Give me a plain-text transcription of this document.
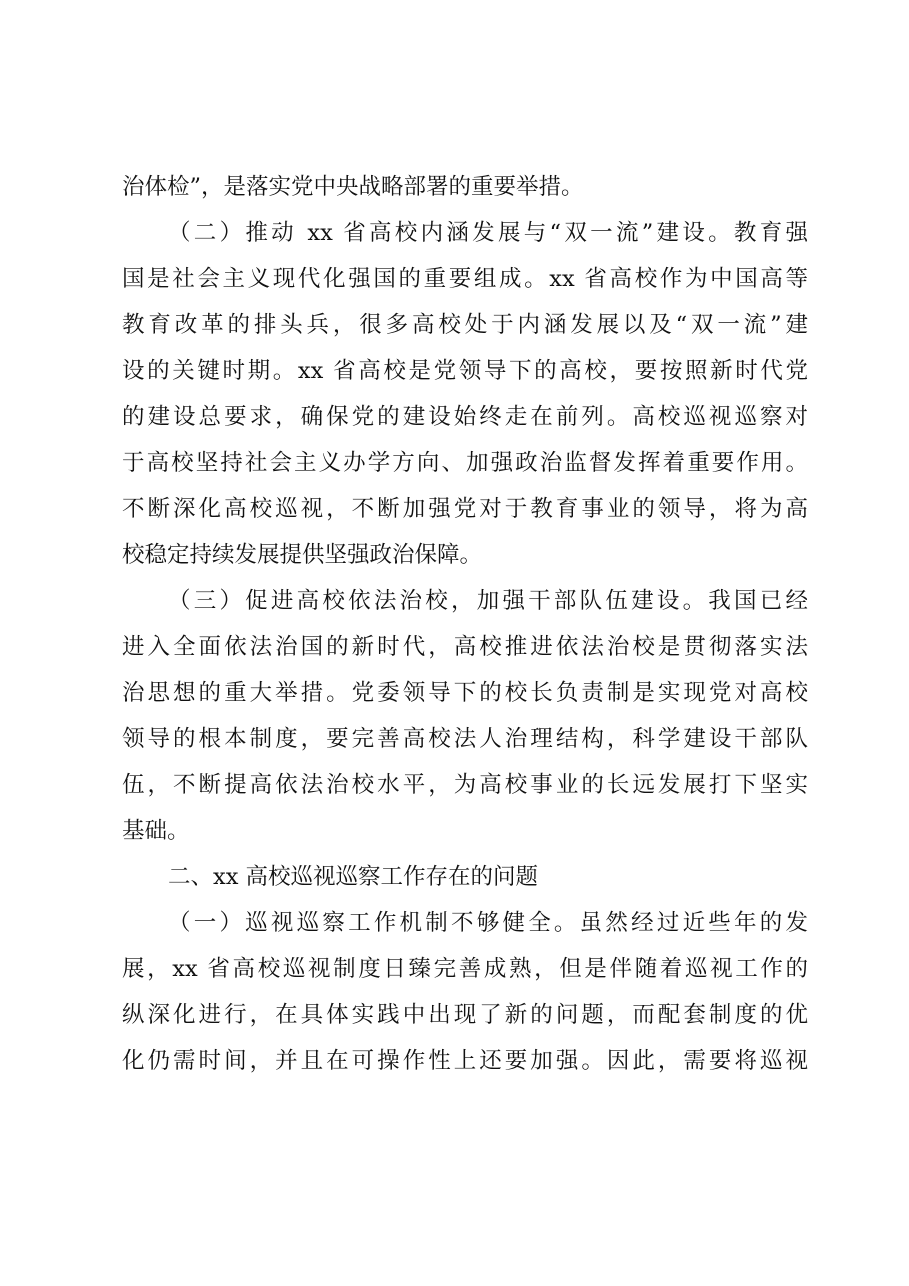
治体检”，是落实党中央战略部署的重要举措。
（二）推动 xx 省高校内涵发展与“双一流”建设。教育强
国是社会主义现代化强国的重要组成。xx 省高校作为中国高等
教育改革的排头兵，很多高校处于内涵发展以及“双一流”建
设的关键时期。xx 省高校是党领导下的高校，要按照新时代党
的建设总要求，确保党的建设始终走在前列。高校巡视巡察对
于高校坚持社会主义办学方向、加强政治监督发挥着重要作用。
不断深化高校巡视，不断加强党对于教育事业的领导，将为高
校稳定持续发展提供坚强政治保障。
（三）促进高校依法治校，加强干部队伍建设。我国已经
进入全面依法治国的新时代，高校推进依法治校是贯彻落实法
治思想的重大举措。党委领导下的校长负责制是实现党对高校
领导的根本制度，要完善高校法人治理结构，科学建设干部队
伍，不断提高依法治校水平，为高校事业的长远发展打下坚实
基础。
二、xx 高校巡视巡察工作存在的问题
（一）巡视巡察工作机制不够健全。虽然经过近些年的发
展，xx 省高校巡视制度日臻完善成熟，但是伴随着巡视工作的
纵深化进行，在具体实践中出现了新的问题，而配套制度的优
化仍需时间，并且在可操作性上还要加强。因此，需要将巡视
